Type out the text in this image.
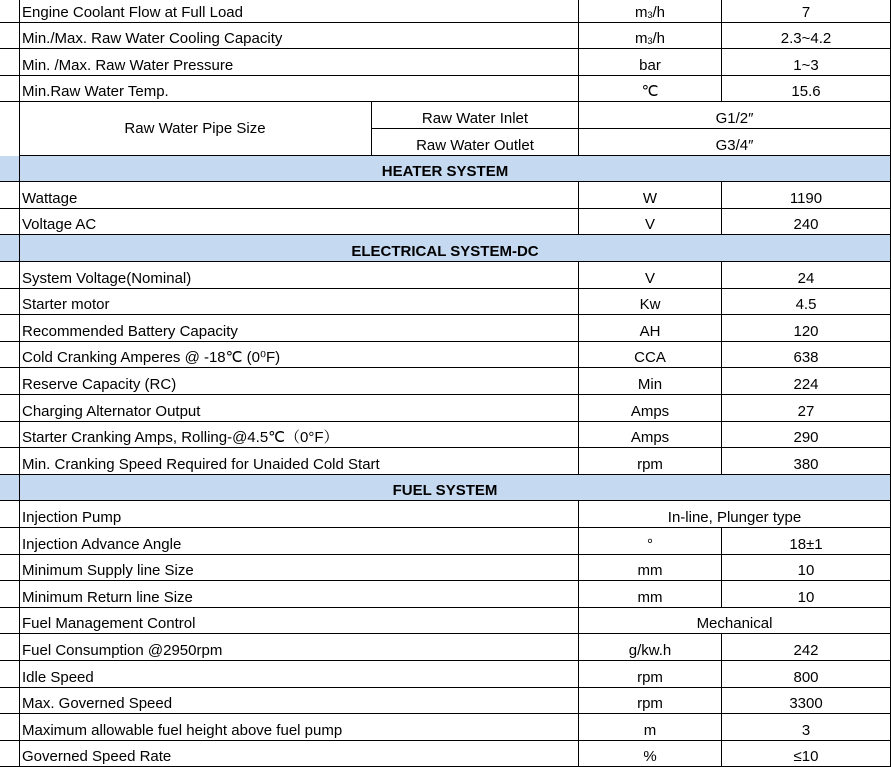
Engine Coolant Flow at Full Load	$m^3$ /h	7
Min./Max. Raw Water Cooling Capacity	$m^3$ /h	2.3~4.2
Min. /Max. Raw Water Pressure	bar	1~3
Min.Raw Water Temp.	℃	15.6
Raw Water Pipe Size
Raw Water Inlet	G1/2″
Raw Water Outlet	G3/4″
HEATER SYSTEM
Wattage	W	1190
Voltage AC	V	240
ELECTRICAL SYSTEM-DC
System Voltage(Nominal)	V	24
Starter motor	Kw	4.5
Recommended Battery Capacity	AH	120
Cold Cranking Amperes @ -18℃ (0⁰F)	CCA	638
Reserve Capacity (RC)	Min	224
Charging Alternator Output	Amps	27
Starter Cranking Amps, Rolling-@4.5℃（0°F）	Amps	290
Min. Cranking Speed Required for Unaided Cold Start	rpm	380
FUEL SYSTEM
Injection Pump	In-line, Plunger type
Injection Advance Angle	°	18±1
Minimum Supply line Size	mm	10
Minimum Return line Size	mm	10
Fuel Management Control	Mechanical
Fuel Consumption @2950rpm	g/kw.h	242
Idle Speed	rpm	800
Max. Governed Speed	rpm	3300
Maximum allowable fuel height above fuel pump	m	3
Governed Speed Rate	%	≤10
